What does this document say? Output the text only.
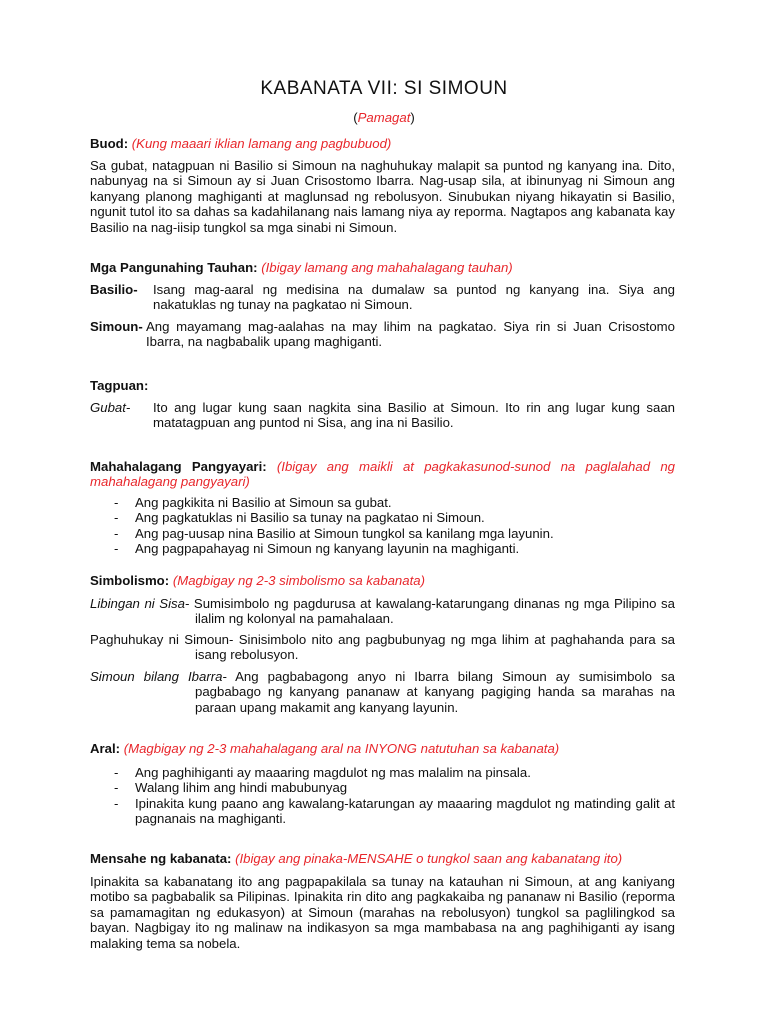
KABANATA VII: SI SIMOUN
(Pamagat)
Buod: (Kung maaari iklian lamang ang pagbubuod)
Sa gubat, natagpuan ni Basilio si Simoun na naghuhukay malapit sa puntod ng kanyang ina. Dito, nabunyag na si Simoun ay si Juan Crisostomo Ibarra. Nag-usap sila, at ibinunyag ni Simoun ang kanyang planong maghiganti at maglunsad ng rebolusyon. Sinubukan niyang hikayatin si Basilio, ngunit tutol ito sa dahas sa kadahilanang nais lamang niya ay reporma. Nagtapos ang kabanata kay Basilio na nag-iisip tungkol sa mga sinabi ni Simoun.
Mga Pangunahing Tauhan: (Ibigay lamang ang mahahalagang tauhan)
Basilio- Isang mag-aaral ng medisina na dumalaw sa puntod ng kanyang ina. Siya ang nakatuklas ng tunay na pagkatao ni Simoun.
Simoun- Ang mayamang mag-aalahas na may lihim na pagkatao. Siya rin si Juan Crisostomo Ibarra, na nagbabalik upang maghiganti.
Tagpuan:
Gubat- Ito ang lugar kung saan nagkita sina Basilio at Simoun. Ito rin ang lugar kung saan matatagpuan ang puntod ni Sisa, ang ina ni Basilio.
Mahahalagang Pangyayari: (Ibigay ang maikli at pagkakasunod-sunod na paglalahad ng mahahalagang pangyayari)
- Ang pagkikita ni Basilio at Simoun sa gubat.
- Ang pagkatuklas ni Basilio sa tunay na pagkatao ni Simoun.
- Ang pag-uusap nina Basilio at Simoun tungkol sa kanilang mga layunin.
- Ang pagpapahayag ni Simoun ng kanyang layunin na maghiganti.
Simbolismo: (Magbigay ng 2-3 simbolismo sa kabanata)
Libingan ni Sisa- Sumisimbolo ng pagdurusa at kawalang-katarungang dinanas ng mga Pilipino sa ilalim ng kolonyal na pamahalaan.
Paghuhukay ni Simoun- Sinisimbolo nito ang pagbubunyag ng mga lihim at paghahanda para sa isang rebolusyon.
Simoun bilang Ibarra- Ang pagbabagong anyo ni Ibarra bilang Simoun ay sumisimbolo sa pagbabago ng kanyang pananaw at kanyang pagiging handa sa marahas na paraan upang makamit ang kanyang layunin.
Aral: (Magbigay ng 2-3 mahahalagang aral na INYONG natutuhan sa kabanata)
- Ang paghihiganti ay maaaring magdulot ng mas malalim na pinsala.
- Walang lihim ang hindi mabubunyag
- Ipinakita kung paano ang kawalang-katarungan ay maaaring magdulot ng matinding galit at pagnanais na maghiganti.
Mensahe ng kabanata: (Ibigay ang pinaka-MENSAHE o tungkol saan ang kabanatang ito)
Ipinakita sa kabanatang ito ang pagpapakilala sa tunay na katauhan ni Simoun, at ang kaniyang motibo sa pagbabalik sa Pilipinas. Ipinakita rin dito ang pagkakaiba ng pananaw ni Basilio (reporma sa pamamagitan ng edukasyon) at Simoun (marahas na rebolusyon) tungkol sa paglilingkod sa bayan. Nagbigay ito ng malinaw na indikasyon sa mga mambabasa na ang paghihiganti ay isang malaking tema sa nobela.
